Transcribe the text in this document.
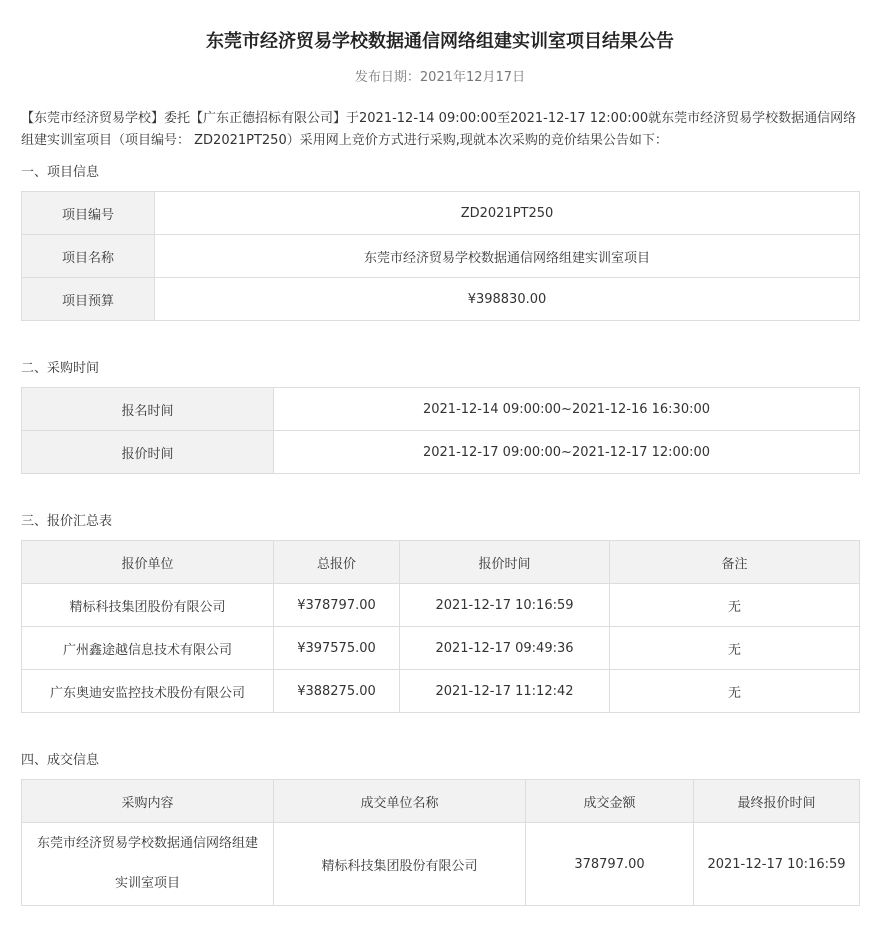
东莞市经济贸易学校数据通信网络组建实训室项目结果公告
发布日期：2021年12月17日
【东莞市经济贸易学校】委托【广东正德招标有限公司】于2021-12-14 09:00:00至2021-12-17 12:00:00就东莞市经济贸易学校数据通信网络组建实训室项目（项目编号： ZD2021PT250）采用网上竞价方式进行采购,现就本次采购的竞价结果公告如下：
一、项目信息
项目编号	ZD2021PT250
项目名称	东莞市经济贸易学校数据通信网络组建实训室项目
项目预算	¥398830.00
二、采购时间
报名时间	2021-12-14 09:00:00~2021-12-16 16:30:00
报价时间	2021-12-17 09:00:00~2021-12-17 12:00:00
三、报价汇总表
报价单位	总报价	报价时间	备注
精标科技集团股份有限公司	¥378797.00	2021-12-17 10:16:59	无
广州鑫途越信息技术有限公司	¥397575.00	2021-12-17 09:49:36	无
广东奥迪安监控技术股份有限公司	¥388275.00	2021-12-17 11:12:42	无
四、成交信息
采购内容	成交单位名称	成交金额	最终报价时间

东莞市经济贸易学校数据通信网络组建
实训室项目	精标科技集团股份有限公司	378797.00	2021-12-17 10:16:59
